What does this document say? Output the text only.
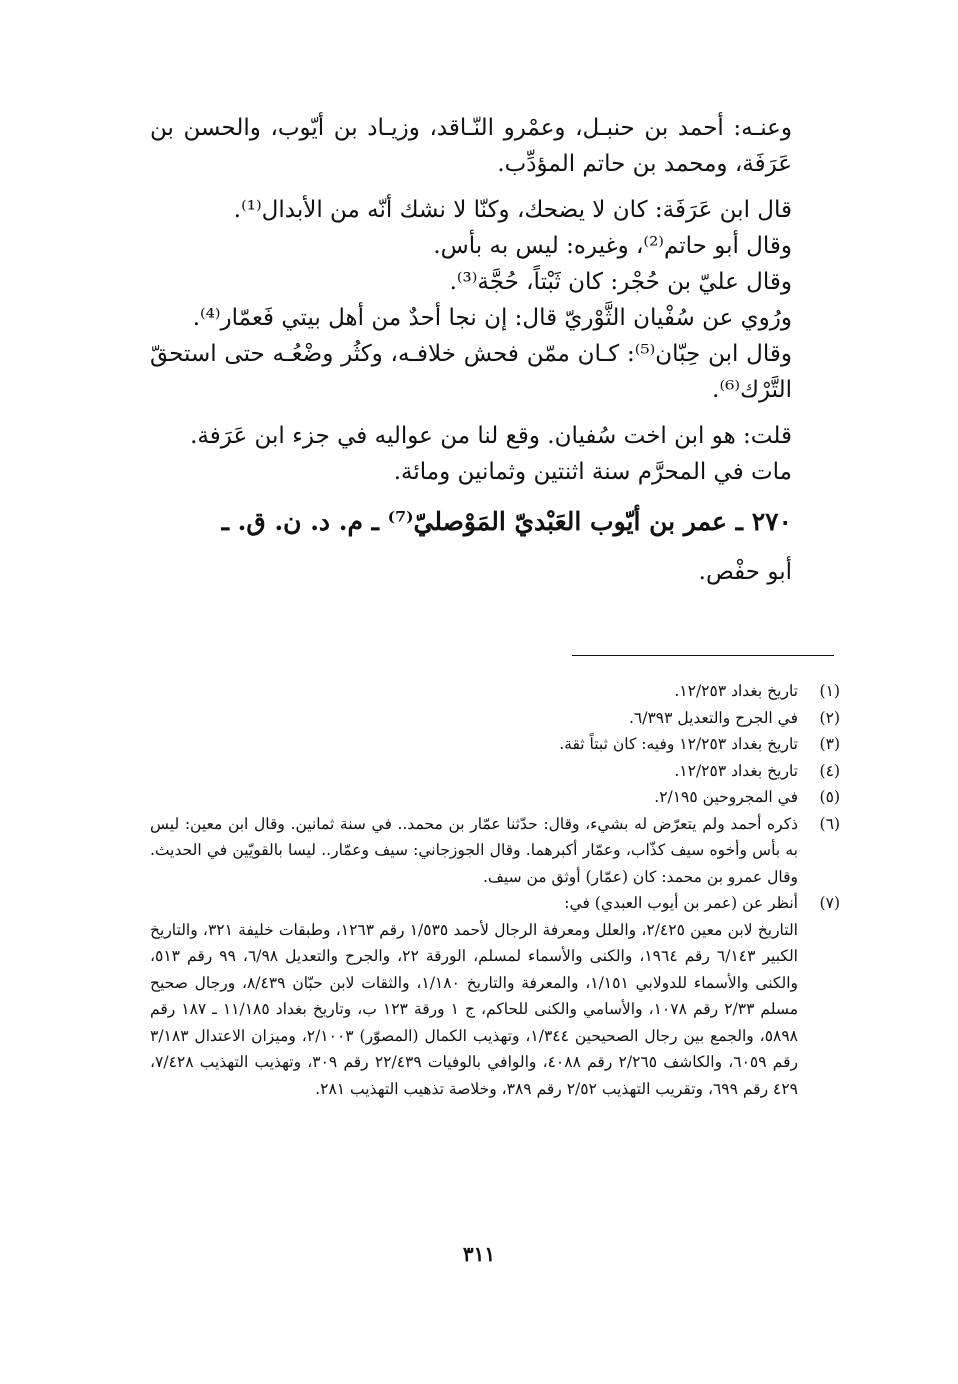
وعنـه: أحمد بن حنبـل، وعمْرو النّـاقد، وزيـاد بن أيّوب، والحسن بن عَرَفَة، ومحمد بن حاتم المؤدِّب.

قال ابن عَرَفَة: كان لا يضحك، وكنّا لا نشك أنّه من الأبدال⁽¹⁾.

وقال أبو حاتم⁽²⁾، وغيره: ليس به بأس.

وقال عليّ بن حُجْر: كان ثَبْتاً، حُجَّة⁽³⁾.

ورُوي عن سُفْيان الثَّوْريّ قال: إن نجا أحدٌ من أهل بيتي فَعمّار⁽⁴⁾.

وقال ابن حِبّان⁽⁵⁾: كـان ممّن فحش خلافـه، وكثُر وضْعُـه حتى استحقّ التَّرْك⁽⁶⁾.

قلت: هو ابن اخت سُفيان. وقع لنا من عواليه في جزء ابن عَرَفة.

مات في المحرَّم سنة اثنتين وثمانين ومائة.

٢٧٠ ـ عمر بن أيّوب العَبْديّ المَوْصليّ⁽⁷⁾ ـ م. د. ن. ق. ـ

أبو حفْص.

(١)
تاريخ بغداد ١٢/٢٥٣.
(٢)
في الجرح والتعديل ٦/٣٩٣.
(٣)
تاريخ بغداد ١٢/٢٥٣ وفيه: كان ثبتاً ثقة.
(٤)
تاريخ بغداد ١٢/٢٥٣.
(٥)
في المجروحين ٢/١٩٥.
(٦)
ذكره أحمد ولم يتعرّض له بشيء، وقال: حدّثنا عمّار بن محمد.. في سنة ثمانين. وقال ابن معين: ليس به بأس وأخوه سيف كذّاب، وعمّار أكبرهما. وقال الجوزجاني: سيف وعمّار.. ليسا بالقويّين في الحديث. وقال عمرو بن محمد: كان (عمّار) أوثق من سيف.
(٧)
أنظر عن (عمر بن أيوب العبدي) في:
التاريخ لابن معين ٢/٤٢٥، والعلل ومعرفة الرجال لأحمد ١/٥٣٥ رقم ١٢٦٣، وطبقات خليفة ٣٢١، والتاريخ الكبير ٦/١٤٣ رقم ١٩٦٤، والكنى والأسماء لمسلم، الورقة ٢٢، والجرح والتعديل ٦/٩٨، ٩٩ رقم ٥١٣، والكنى والأسماء للدولابي ١/١٥١، والمعرفة والتاريخ ١/١٨٠، والثقات لابن حبّان ٨/٤٣٩، ورجال صحيح مسلم ٢/٣٣ رقم ١٠٧٨، والأسامي والكنى للحاكم، ج ١ ورقة ١٢٣ ب، وتاريخ بغداد ١١/١٨٥ ـ ١٨٧ رقم ٥٨٩٨، والجمع بين رجال الصحيحين ١/٣٤٤، وتهذيب الكمال (المصوّر) ٢/١٠٠٣، وميزان الاعتدال ٣/١٨٣ رقم ٦٠٥٩، والكاشف ٢/٢٦٥ رقم ٤٠٨٨، والوافي بالوفيات ٢٢/٤٣٩ رقم ٣٠٩، وتهذيب التهذيب ٧/٤٢٨، ٤٢٩ رقم ٦٩٩، وتقريب التهذيب ٢/٥٢ رقم ٣٨٩، وخلاصة تذهيب التهذيب ٢٨١.
٣١١
